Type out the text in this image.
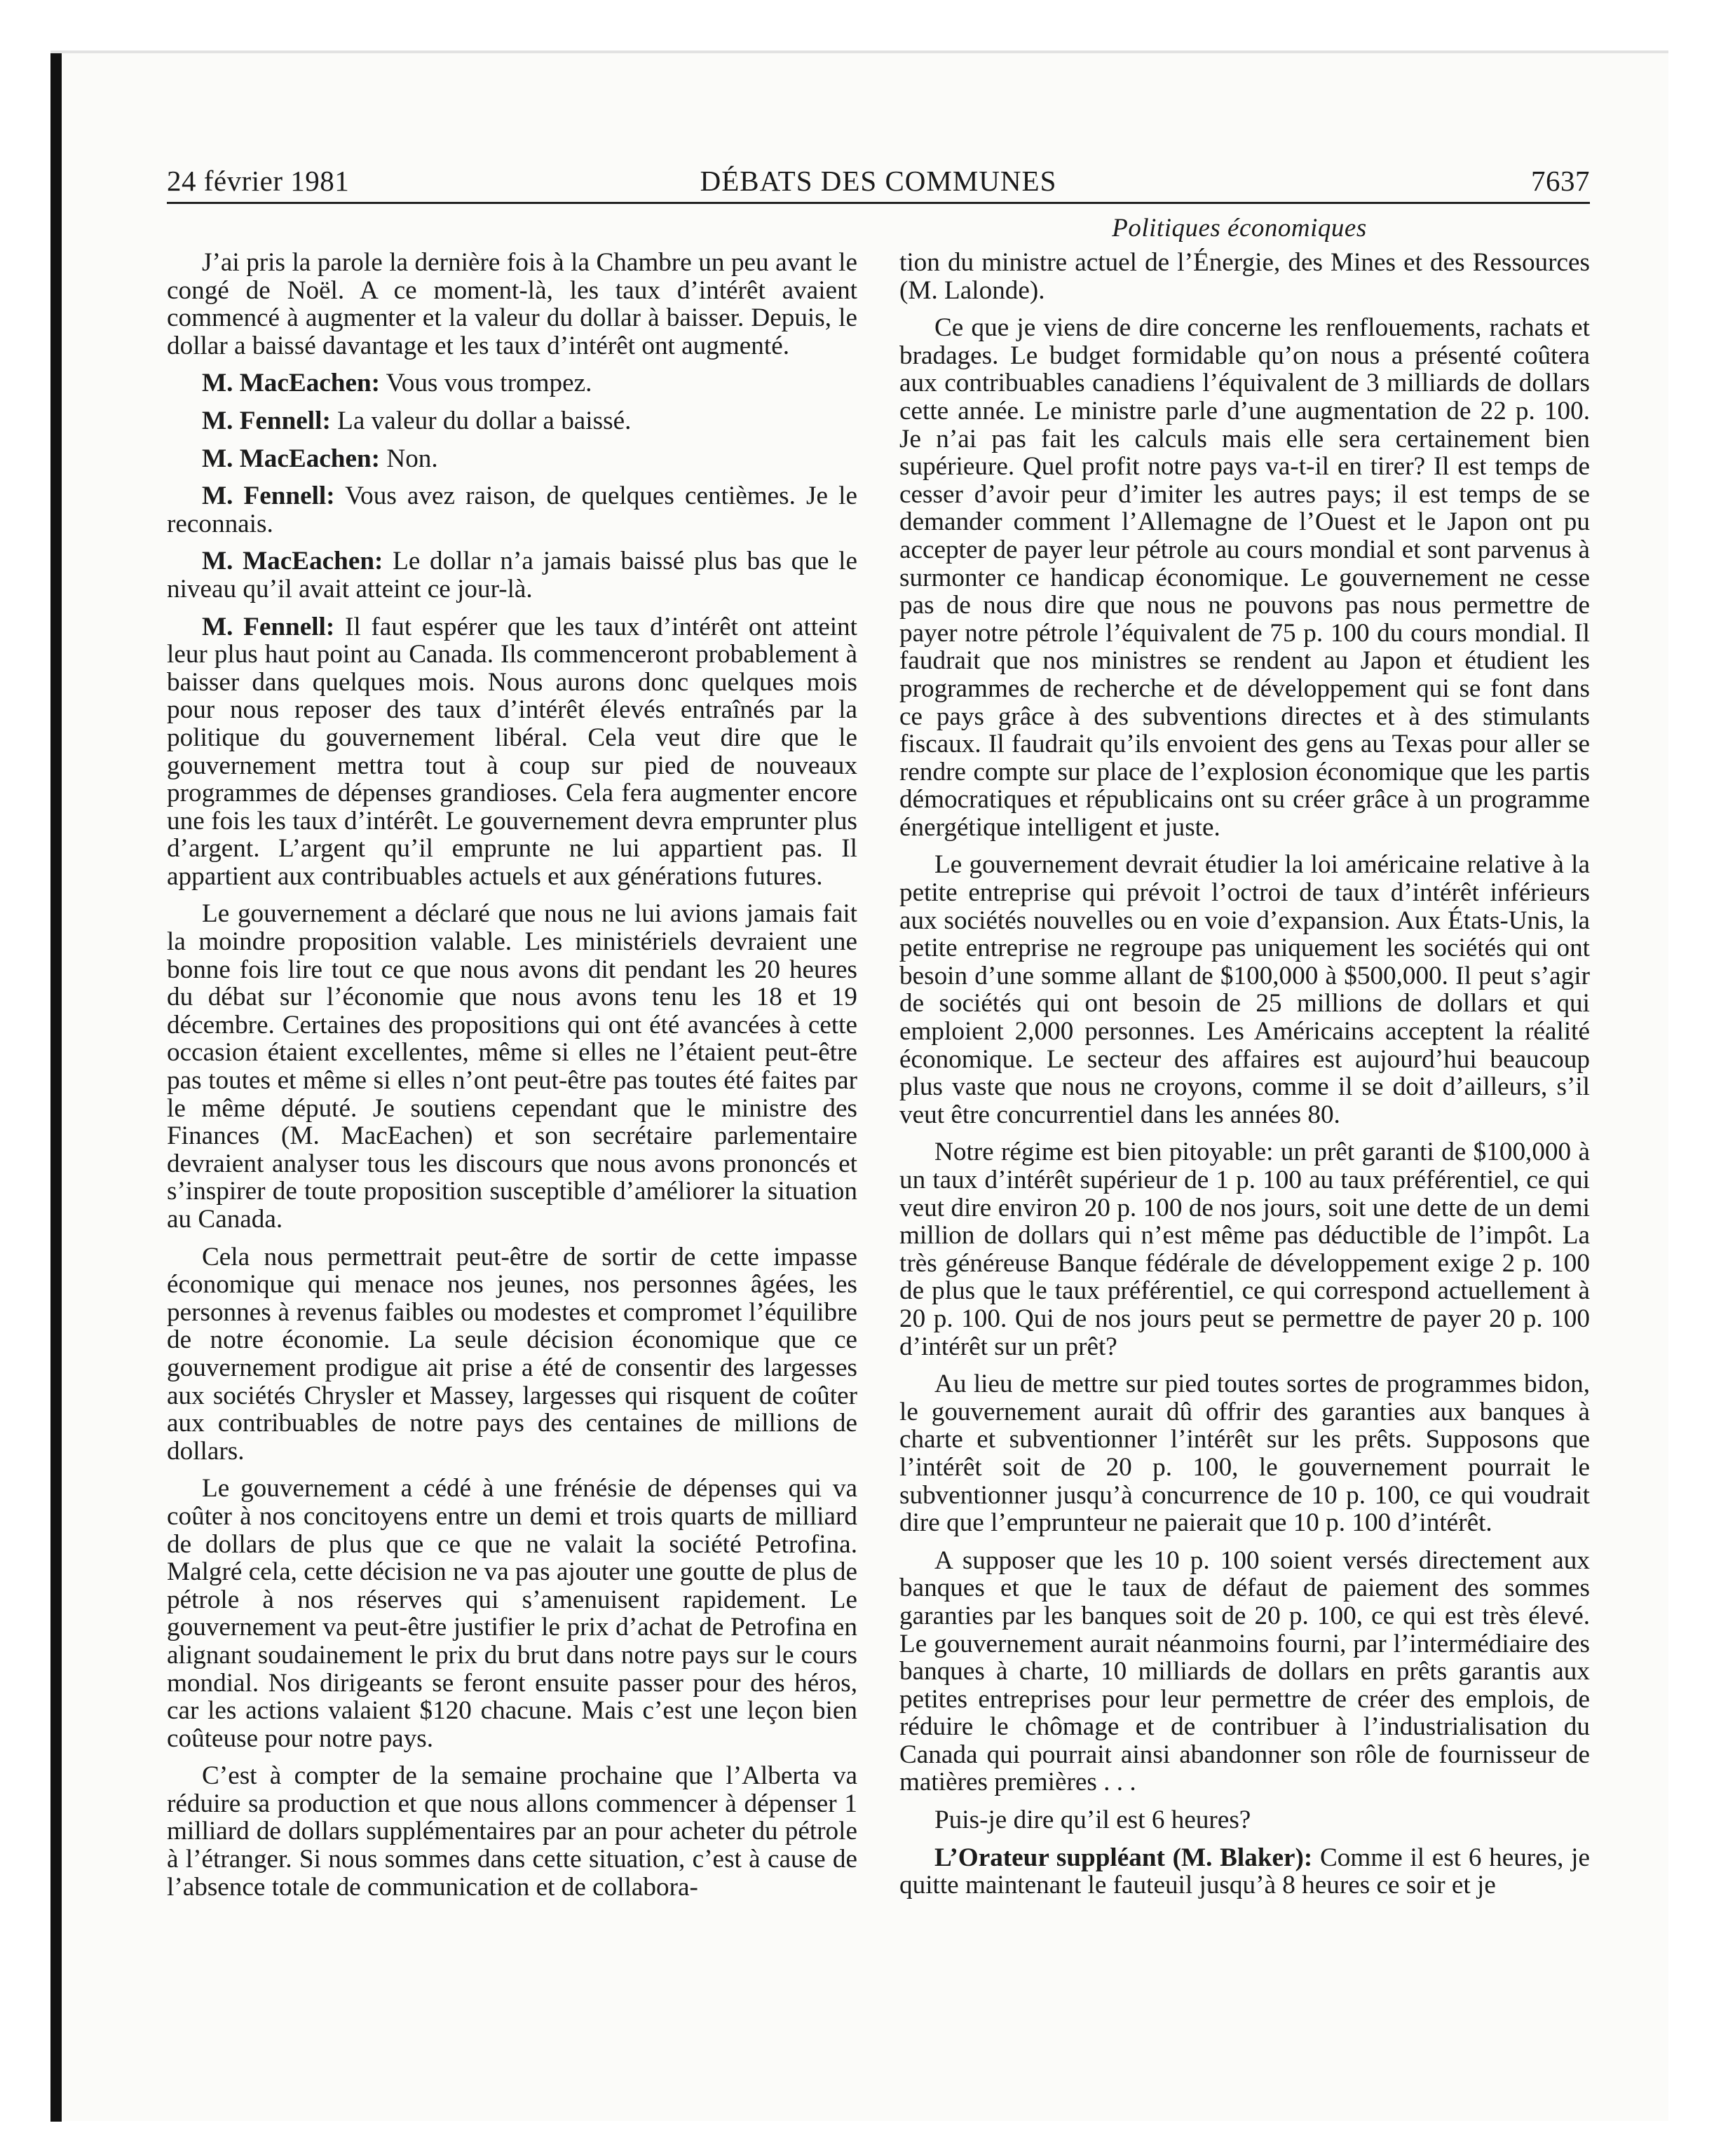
24 février 1981	DÉBATS DES COMMUNES	7637
Politiques économiques

J’ai pris la parole la dernière fois à la Chambre un peu avant le congé de Noël. A ce moment-là, les taux d’intérêt avaient commencé à augmenter et la valeur du dollar à baisser. Depuis, le dollar a baissé davantage et les taux d’intérêt ont augmenté.

M. MacEachen: Vous vous trompez.

M. Fennell: La valeur du dollar a baissé.

M. MacEachen: Non.

M. Fennell: Vous avez raison, de quelques centièmes. Je le reconnais.

M. MacEachen: Le dollar n’a jamais baissé plus bas que le niveau qu’il avait atteint ce jour-là.

M. Fennell: Il faut espérer que les taux d’intérêt ont atteint leur plus haut point au Canada. Ils commenceront probablement à baisser dans quelques mois. Nous aurons donc quelques mois pour nous reposer des taux d’intérêt élevés entraînés par la politique du gouvernement libéral. Cela veut dire que le gouvernement mettra tout à coup sur pied de nouveaux programmes de dépenses grandioses. Cela fera augmenter encore une fois les taux d’intérêt. Le gouvernement devra emprunter plus d’argent. L’argent qu’il emprunte ne lui appartient pas. Il appartient aux contribuables actuels et aux générations futures.

Le gouvernement a déclaré que nous ne lui avions jamais fait la moindre proposition valable. Les ministériels devraient une bonne fois lire tout ce que nous avons dit pendant les 20 heures du débat sur l’économie que nous avons tenu les 18 et 19 décembre. Certaines des propositions qui ont été avancées à cette occasion étaient excellentes, même si elles ne l’étaient peut-être pas toutes et même si elles n’ont peut-être pas toutes été faites par le même député. Je soutiens cependant que le ministre des Finances (M. MacEachen) et son secrétaire parlementaire devraient analyser tous les discours que nous avons prononcés et s’inspirer de toute proposition susceptible d’améliorer la situation au Canada.

Cela nous permettrait peut-être de sortir de cette impasse économique qui menace nos jeunes, nos personnes âgées, les personnes à revenus faibles ou modestes et compromet l’équilibre de notre économie. La seule décision économique que ce gouvernement prodigue ait prise a été de consentir des largesses aux sociétés Chrysler et Massey, largesses qui risquent de coûter aux contribuables de notre pays des centaines de millions de dollars.

Le gouvernement a cédé à une frénésie de dépenses qui va coûter à nos concitoyens entre un demi et trois quarts de milliard de dollars de plus que ce que ne valait la société Petrofina. Malgré cela, cette décision ne va pas ajouter une goutte de plus de pétrole à nos réserves qui s’amenuisent rapidement. Le gouvernement va peut-être justifier le prix d’achat de Petrofina en alignant soudainement le prix du brut dans notre pays sur le cours mondial. Nos dirigeants se feront ensuite passer pour des héros, car les actions valaient $120 chacune. Mais c’est une leçon bien coûteuse pour notre pays.

C’est à compter de la semaine prochaine que l’Alberta va réduire sa production et que nous allons commencer à dépenser 1 milliard de dollars supplémentaires par an pour acheter du pétrole à l’étranger. Si nous sommes dans cette situation, c’est à cause de l’absence totale de communication et de collabora-

tion du ministre actuel de l’Énergie, des Mines et des Ressources (M. Lalonde).

Ce que je viens de dire concerne les renflouements, rachats et bradages. Le budget formidable qu’on nous a présenté coûtera aux contribuables canadiens l’équivalent de 3 milliards de dollars cette année. Le ministre parle d’une augmentation de 22 p. 100. Je n’ai pas fait les calculs mais elle sera certainement bien supérieure. Quel profit notre pays va-t-il en tirer? Il est temps de cesser d’avoir peur d’imiter les autres pays; il est temps de se demander comment l’Allemagne de l’Ouest et le Japon ont pu accepter de payer leur pétrole au cours mondial et sont parvenus à surmonter ce handicap économique. Le gouvernement ne cesse pas de nous dire que nous ne pouvons pas nous permettre de payer notre pétrole l’équivalent de 75 p. 100 du cours mondial. Il faudrait que nos ministres se rendent au Japon et étudient les programmes de recherche et de développement qui se font dans ce pays grâce à des subventions directes et à des stimulants fiscaux. Il faudrait qu’ils envoient des gens au Texas pour aller se rendre compte sur place de l’explosion économique que les partis démocratiques et républicains ont su créer grâce à un programme énergétique intelligent et juste.

Le gouvernement devrait étudier la loi américaine relative à la petite entreprise qui prévoit l’octroi de taux d’intérêt inférieurs aux sociétés nouvelles ou en voie d’expansion. Aux États-Unis, la petite entreprise ne regroupe pas uniquement les sociétés qui ont besoin d’une somme allant de $100,000 à $500,000. Il peut s’agir de sociétés qui ont besoin de 25 millions de dollars et qui emploient 2,000 personnes. Les Américains acceptent la réalité économique. Le secteur des affaires est aujourd’hui beaucoup plus vaste que nous ne croyons, comme il se doit d’ailleurs, s’il veut être concurrentiel dans les années 80.

Notre régime est bien pitoyable: un prêt garanti de $100,000 à un taux d’intérêt supérieur de 1 p. 100 au taux préférentiel, ce qui veut dire environ 20 p. 100 de nos jours, soit une dette de un demi million de dollars qui n’est même pas déductible de l’impôt. La très généreuse Banque fédérale de développement exige 2 p. 100 de plus que le taux préférentiel, ce qui correspond actuellement à 20 p. 100. Qui de nos jours peut se permettre de payer 20 p. 100 d’intérêt sur un prêt?

Au lieu de mettre sur pied toutes sortes de programmes bidon, le gouvernement aurait dû offrir des garanties aux banques à charte et subventionner l’intérêt sur les prêts. Supposons que l’intérêt soit de 20 p. 100, le gouvernement pourrait le subventionner jusqu’à concurrence de 10 p. 100, ce qui voudrait dire que l’emprunteur ne paierait que 10 p. 100 d’intérêt.

A supposer que les 10 p. 100 soient versés directement aux banques et que le taux de défaut de paiement des sommes garanties par les banques soit de 20 p. 100, ce qui est très élevé. Le gouvernement aurait néanmoins fourni, par l’intermédiaire des banques à charte, 10 milliards de dollars en prêts garantis aux petites entreprises pour leur permettre de créer des emplois, de réduire le chômage et de contribuer à l’industrialisation du Canada qui pourrait ainsi abandonner son rôle de fournisseur de matières premières . . .

Puis-je dire qu’il est 6 heures?

L’Orateur suppléant (M. Blaker): Comme il est 6 heures, je quitte maintenant le fauteuil jusqu’à 8 heures ce soir et je
